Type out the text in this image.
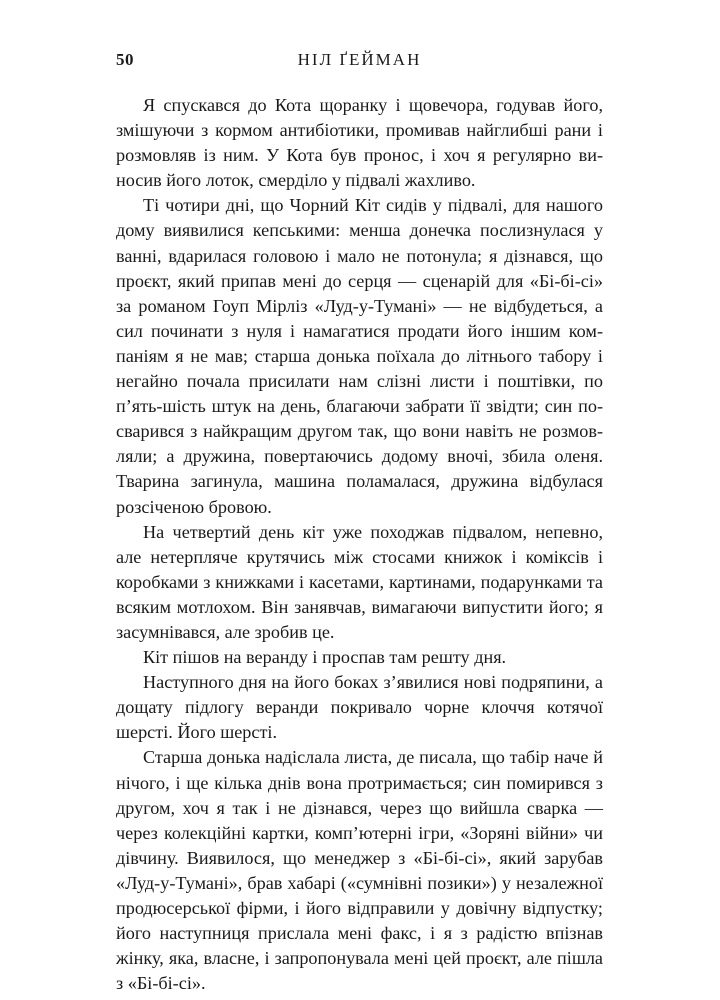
50	НІЛ ҐЕЙМАН

Я спускався до Кота щоранку і щовечора, годував його, змішуючи з кормом антибіотики, промивав найглибші рани і розмовляв із ним. У Кота був пронос, і хоч я регулярно виносив його лоток, смерділо у підвалі жахливо.

Ті чотири дні, що Чорний Кіт сидів у підвалі, для нашого дому виявилися кепськими: менша донечка послизнулася у ванні, вдарилася головою і мало не потонула; я дізнався, що проєкт, який припав мені до серця — сценарій для «Бі-бі-сі» за романом Гоуп Мірліз «Луд-у-Тумані» — не відбудеться, а сил починати з нуля і намагатися продати його іншим компаніям я не мав; старша донька поїхала до літнього табору і негайно почала присилати нам слізні листи і поштівки, по п’ять-шість штук на день, благаючи забрати її звідти; син посварився з найкращим другом так, що вони навіть не розмовляли; а дружина, повертаючись додому вночі, збила оленя. Тварина загинула, машина поламалася, дружина відбулася розсіченою бровою.

На четвертий день кіт уже походжав підвалом, непевно, але нетерпляче крутячись між стосами книжок і коміксів і коробками з книжками і касетами, картинами, подарунками та всяким мотлохом. Він занявчав, вимагаючи випустити його; я засумнівався, але зробив це.

Кіт пішов на веранду і проспав там решту дня.

Наступного дня на його боках з’явилися нові подряпини, а дощату підлогу веранди покривало чорне клоччя котячої шерсті. Його шерсті.

Старша донька надіслала листа, де писала, що табір наче й нічого, і ще кілька днів вона протримається; син помирився з другом, хоч я так і не дізнався, через що вийшла сварка — через колекційні картки, комп’ютерні ігри, «Зоряні війни» чи дівчину. Виявилося, що менеджер з «Бі-бі-сі», який зарубав «Луд-у-Тумані», брав хабарі («сумнівні позики») у незалежної продюсерської фірми, і його відправили у довічну відпустку; його наступниця прислала мені факс, і я з радістю впізнав жінку, яка, власне, і запропонувала мені цей проєкт, але пішла з «Бі-бі-сі».
